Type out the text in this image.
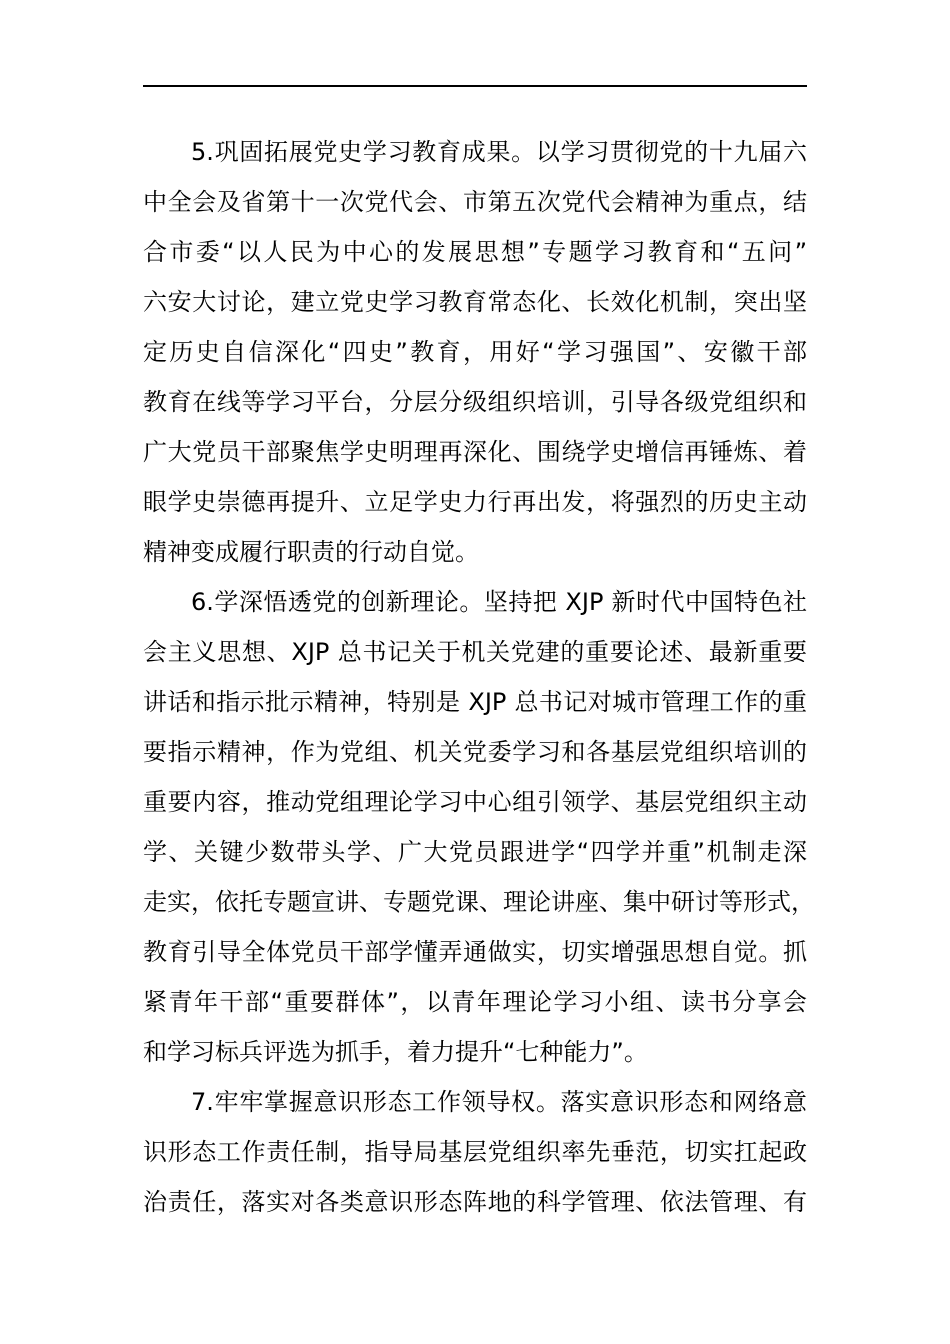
5.巩固拓展党史学习教育成果。以学习贯彻党的十九届六
中全会及省第十一次党代会、市第五次党代会精神为重点，结
合市委“以人民为中心的发展思想”专题学习教育和“五问”
六安大讨论，建立党史学习教育常态化、长效化机制，突出坚
定历史自信深化“四史”教育，用好“学习强国”、安徽干部
教育在线等学习平台，分层分级组织培训，引导各级党组织和
广大党员干部聚焦学史明理再深化、围绕学史增信再锤炼、着
眼学史崇德再提升、立足学史力行再出发，将强烈的历史主动
精神变成履行职责的行动自觉。
6.学深悟透党的创新理论。坚持把 XJP 新时代中国特色社
会主义思想、XJP 总书记关于机关党建的重要论述、最新重要
讲话和指示批示精神，特别是 XJP 总书记对城市管理工作的重
要指示精神，作为党组、机关党委学习和各基层党组织培训的
重要内容，推动党组理论学习中心组引领学、基层党组织主动
学、关键少数带头学、广大党员跟进学“四学并重”机制走深
走实，依托专题宣讲、专题党课、理论讲座、集中研讨等形式，
教育引导全体党员干部学懂弄通做实，切实增强思想自觉。抓
紧青年干部“重要群体”，以青年理论学习小组、读书分享会
和学习标兵评选为抓手，着力提升“七种能力”。
7.牢牢掌握意识形态工作领导权。落实意识形态和网络意
识形态工作责任制，指导局基层党组织率先垂范，切实扛起政
治责任，落实对各类意识形态阵地的科学管理、依法管理、有
